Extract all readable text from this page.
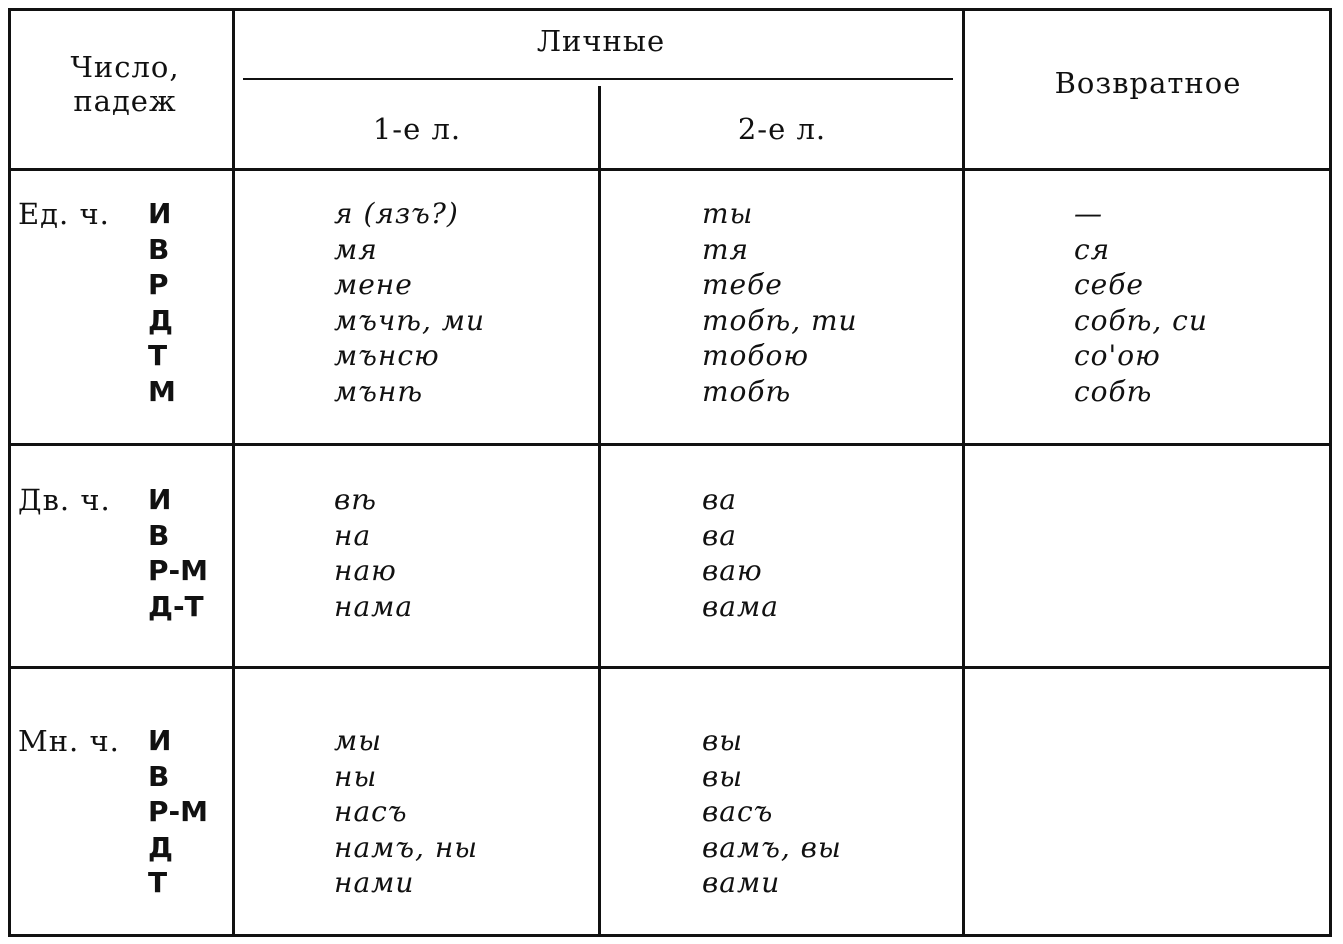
Число,
падеж
Личные
1-е л.	2-е л.
Возвратное
Ед. ч. И
В
Р
Д
Т
М
я (язъ?)
мя
мене
мъчѣ, ми
мънсю
мънѣ
ты
тя
тебе
тобѣ, ти
тобою
тобѣ
—
ся
себе
собѣ, си
со'ою
собѣ
Дв. ч. И
В
Р-М
Д-Т
вѣ
на
наю
нама
ва
ва
ваю
вама
Мн. ч. И
В
Р-М
Д
Т
мы
ны
насъ
намъ, ны
нами
вы
вы
васъ
вамъ, вы
вами
